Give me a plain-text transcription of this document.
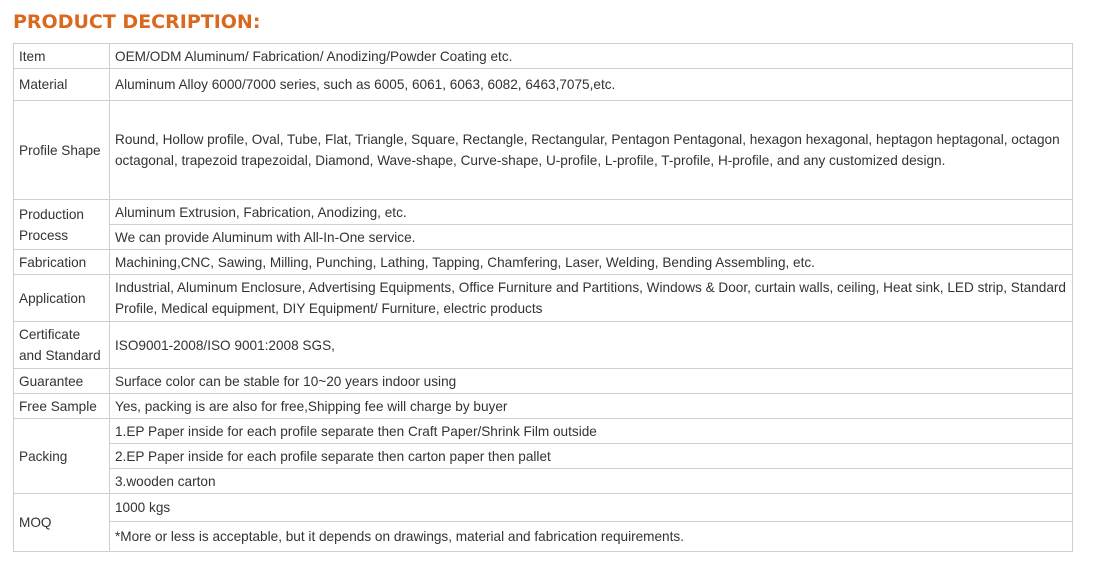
PRODUCT DECRIPTION:
Item	OEM/ODM Aluminum/ Fabrication/ Anodizing/Powder Coating etc.
Material	Aluminum Alloy 6000/7000 series, such as 6005, 6061, 6063, 6082, 6463,7075,etc.
Profile Shape	Round, Hollow profile, Oval, Tube, Flat, Triangle, Square, Rectangle, Rectangular, Pentagon Pentagonal, hexagon hexagonal, heptagon heptagonal, octagon octagonal, trapezoid trapezoidal, Diamond, Wave-shape, Curve-shape, U-profile, L-profile, T-profile, H-profile, and any customized design.
Production Process	Aluminum Extrusion, Fabrication, Anodizing, etc.
	We can provide Aluminum with All-In-One service.
Fabrication	Machining,CNC, Sawing, Milling, Punching, Lathing, Tapping, Chamfering, Laser, Welding, Bending Assembling, etc.
Application	Industrial, Aluminum Enclosure, Advertising Equipments, Office Furniture and Partitions, Windows & Door, curtain walls, ceiling, Heat sink, LED strip, Standard Profile, Medical equipment, DIY Equipment/ Furniture, electric products
Certificate and Standard	ISO9001-2008/ISO 9001:2008 SGS,
Guarantee	Surface color can be stable for 10~20 years indoor using
Free Sample	Yes, packing is are also for free,Shipping fee will charge by buyer
Packing	1.EP Paper inside for each profile separate then Craft Paper/Shrink Film outside
	2.EP Paper inside for each profile separate then carton paper then pallet
	3.wooden carton
MOQ	1000 kgs
	*More or less is acceptable, but it depends on drawings, material and fabrication requirements.
